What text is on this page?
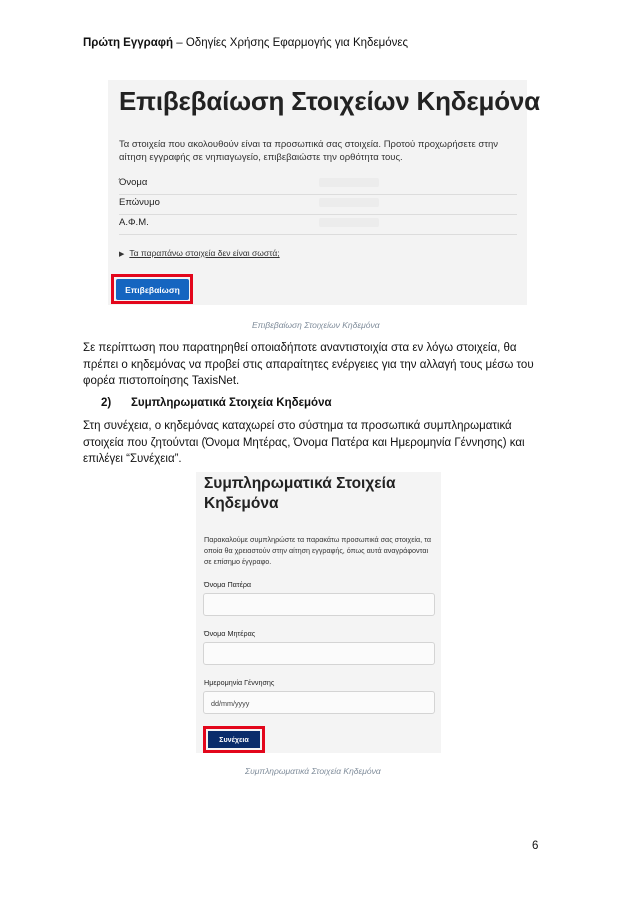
Πρώτη Εγγραφή – Οδηγίες Χρήσης Εφαρμογής για Κηδεμόνες
Επιβεβαίωση Στοιχείων Κηδεμόνα
Τα στοιχεία που ακολουθούν είναι τα προσωπικά σας στοιχεία. Προτού προχωρήσετε στην αίτηση εγγραφής σε νηπιαγωγείο, επιβεβαιώστε την ορθότητα τους.
Όνομα
Επώνυμο
Α.Φ.Μ.
▶ Τα παραπάνω στοιχεία δεν είναι σωστά;
Επιβεβαίωση
Επιβεβαίωση Στοιχείων Κηδεμόνα
Σε περίπτωση που παρατηρηθεί οποιαδήποτε αναντιστοιχία στα εν λόγω στοιχεία, θα πρέπει ο κηδεμόνας να προβεί στις απαραίτητες ενέργειες για την αλλαγή τους μέσω του φορέα πιστοποίησης TaxisNet.
2) Συμπληρωματικά Στοιχεία Κηδεμόνα
Στη συνέχεια, ο κηδεμόνας καταχωρεί στο σύστημα τα προσωπικά συμπληρωματικά στοιχεία που ζητούνται (Όνομα Μητέρας, Όνομα Πατέρα και Ημερομηνία Γέννησης) και επιλέγει “Συνέχεια”.
Συμπληρωματικά Στοιχεία Κηδεμόνα
Παρακαλούμε συμπληρώστε τα παρακάτω προσωπικά σας στοιχεία, τα οποία θα χρειαστούν στην αίτηση εγγραφής, όπως αυτά αναγράφονται σε επίσημο έγγραφο.
Όνομα Πατέρα
Όνομα Μητέρας
Ημερομηνία Γέννησης
dd/mm/yyyy
Συνέχεια
Συμπληρωματικά Στοιχεία Κηδεμόνα
6
